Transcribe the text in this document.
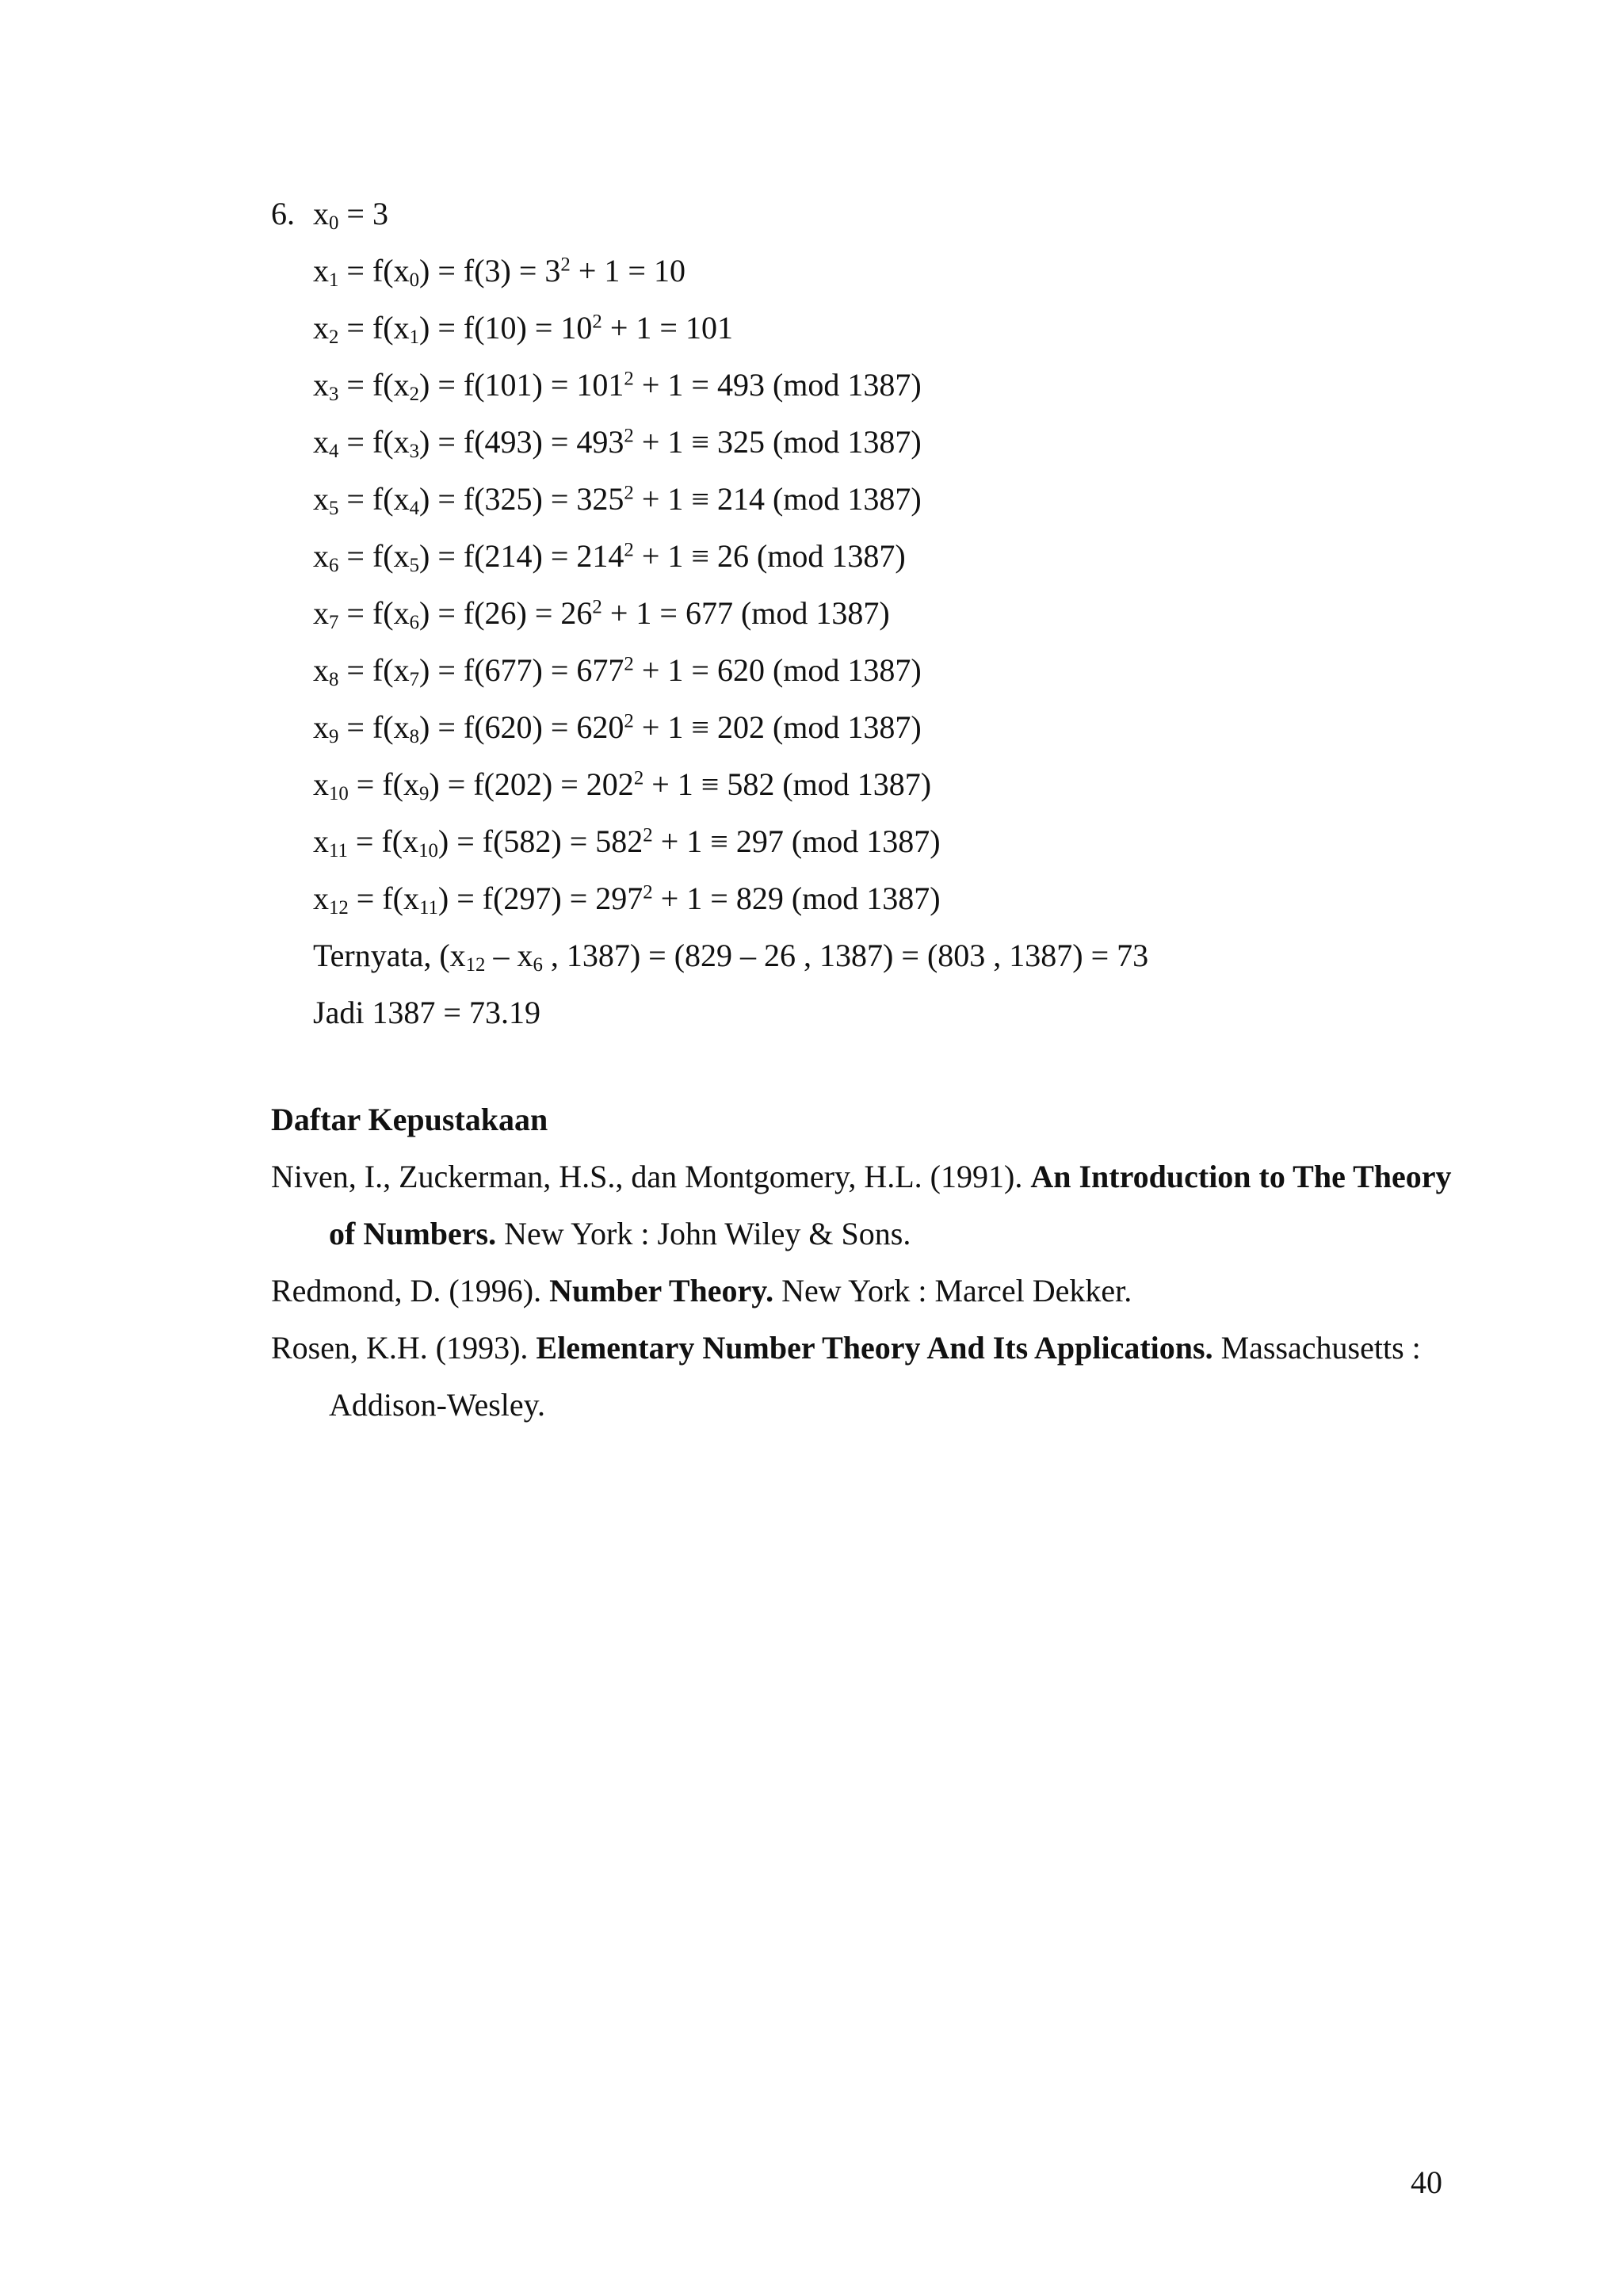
6. $x_0 = 3$
$x_1 = f(x_0) = f(3) = 3^2 + 1 = 10$
$x_2 = f(x_1) = f(10) = 10^2 + 1 = 101$
$x_3 = f(x_2) = f(101) = 101^2 + 1 = 493$ (mod 1387)
$x_4 = f(x_3) = f(493) = 493^2 + 1 \equiv 325$ (mod 1387)
$x_5 = f(x_4) = f(325) = 325^2 + 1 \equiv 214$ (mod 1387)
$x_6 = f(x_5) = f(214) = 214^2 + 1 \equiv 26$ (mod 1387)
$x_7 = f(x_6) = f(26) = 26^2 + 1 = 677$ (mod 1387)
$x_8 = f(x_7) = f(677) = 677^2 + 1 = 620$ (mod 1387)
$x_9 = f(x_8) = f(620) = 620^2 + 1 \equiv 202$ (mod 1387)
$x_{10} = f(x_9) = f(202) = 202^2 + 1 \equiv 582$ (mod 1387)
$x_{11} = f(x_{10}) = f(582) = 582^2 + 1 \equiv 297$ (mod 1387)
$x_{12} = f(x_{11}) = f(297) = 297^2 + 1 = 829$ (mod 1387)
Ternyata, ($x_{12} - x_6$ , 1387) = (829 – 26 , 1387) = (803 , 1387) = 73
Jadi 1387 = 73.19
Daftar Kepustakaan
Niven, I., Zuckerman, H.S., dan Montgomery, H.L. (1991). An Introduction to The Theory of Numbers. New York : John Wiley & Sons.
Redmond, D. (1996). Number Theory. New York : Marcel Dekker.
Rosen, K.H. (1993). Elementary Number Theory And Its Applications. Massachusetts : Addison-Wesley.
40
